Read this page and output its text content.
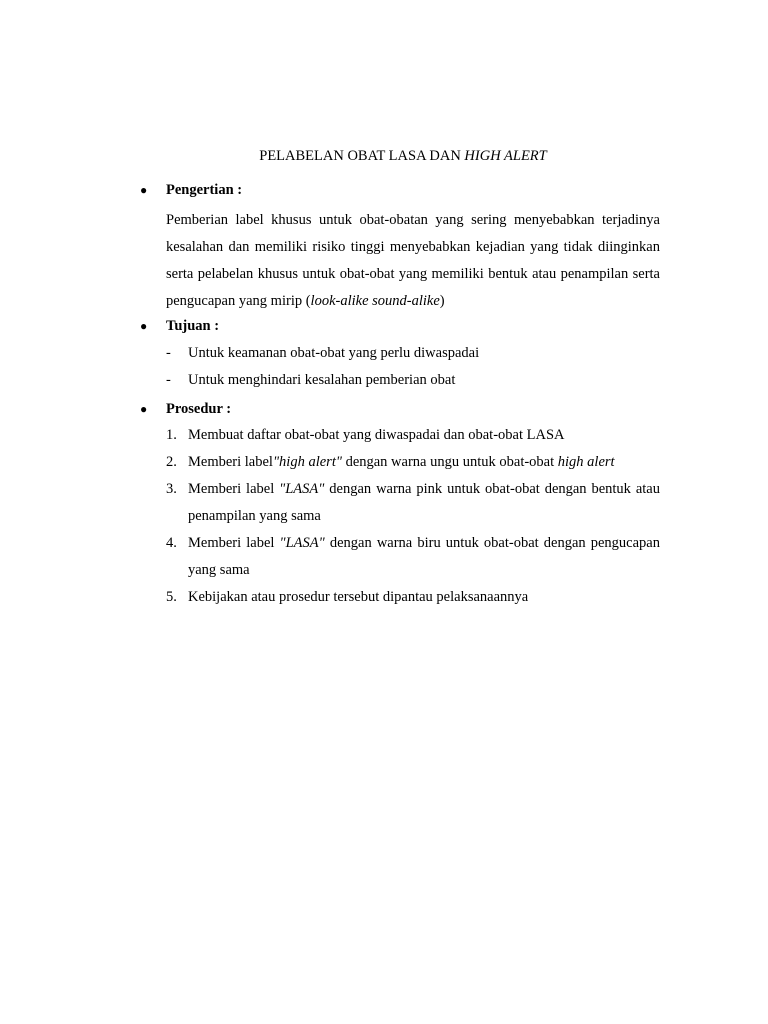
PELABELAN OBAT LASA DAN HIGH ALERT
●	Pengertian :
Pemberian label khusus untuk obat-obatan yang sering menyebabkan terjadinya kesalahan dan memiliki risiko tinggi menyebabkan kejadian yang tidak diinginkan serta pelabelan khusus untuk obat-obat yang memiliki bentuk atau penampilan serta pengucapan yang mirip (look-alike sound-alike)
●	Tujuan :
-	Untuk keamanan obat-obat yang perlu diwaspadai
-	Untuk menghindari kesalahan pemberian obat
●	Prosedur :
1. Membuat daftar obat-obat yang diwaspadai dan obat-obat LASA
2. Memberi label"high alert" dengan warna ungu untuk obat-obat high alert
3. Memberi label "LASA" dengan warna pink untuk obat-obat dengan bentuk atau penampilan yang sama
4. Memberi label "LASA" dengan warna biru untuk obat-obat dengan pengucapan yang sama
5. Kebijakan atau prosedur tersebut dipantau pelaksanaannya
